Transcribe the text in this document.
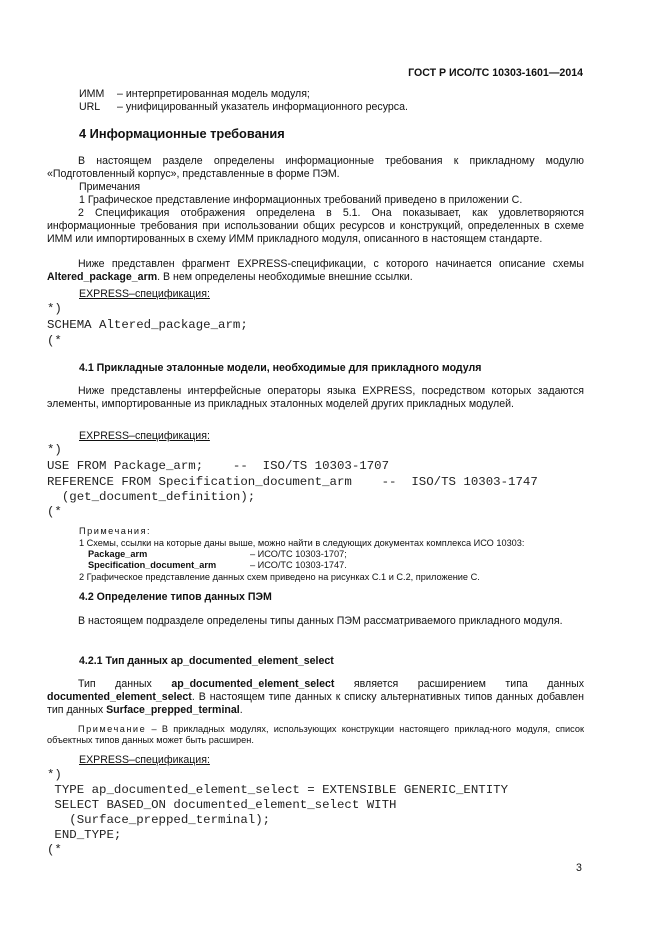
ГОСТ Р ИСО/ТС 10303-1601—2014
ИММ – интерпретированная модель модуля;
URL – унифицированный указатель информационного ресурса.
4 Информационные требования
В настоящем разделе определены информационные требования к прикладному модулю «Подготовленный корпус», представленные в форме ПЭМ.
Примечания
1 Графическое представление информационных требований приведено в приложении С.
2 Спецификация отображения определена в 5.1. Она показывает, как удовлетворяются информационные требования при использовании общих ресурсов и конструкций, определенных в схеме ИММ или импортированных в схему ИММ прикладного модуля, описанного в настоящем стандарте.
Ниже представлен фрагмент EXPRESS-спецификации, с которого начинается описание схемы Altered_package_arm. В нем определены необходимые внешние ссылки.
EXPRESS–спецификация:
*)
SCHEMA Altered_package_arm;
(*
4.1 Прикладные эталонные модели, необходимые для прикладного модуля
Ниже представлены интерфейсные операторы языка EXPRESS, посредством которых задаются элементы, импортированные из прикладных эталонных моделей других прикладных модулей.
EXPRESS–спецификация:
*)
USE FROM Package_arm;    --  ISO/TS 10303-1707
REFERENCE FROM Specification_document_arm    --  ISO/TS 10303-1747
(get_document_definition);
(*
Примечания:
1 Схемы, ссылки на которые даны выше, можно найти в следующих документах комплекса ИСО 10303:
Package_arm	– ИСО/ТС 10303-1707;
Specification_document_arm	– ИСО/ТС 10303-1747.
2 Графическое представление данных схем приведено на рисунках С.1 и С.2, приложение С.
4.2 Определение типов данных ПЭМ
В настоящем подразделе определены типы данных ПЭМ рассматриваемого прикладного модуля.
4.2.1 Тип данных ap_documented_element_select
Тип данных ap_documented_element_select является расширением типа данных documented_element_select. В настоящем типе данных к списку альтернативных типов данных добавлен тип данных Surface_prepped_terminal.
Примечание – В прикладных модулях, использующих конструкции настоящего приклад-ного модуля, список объектных типов данных может быть расширен.
EXPRESS–спецификация:
*)
TYPE ap_documented_element_select = EXTENSIBLE GENERIC_ENTITY
SELECT BASED_ON documented_element_select WITH
(Surface_prepped_terminal);
END_TYPE;
(*
3
